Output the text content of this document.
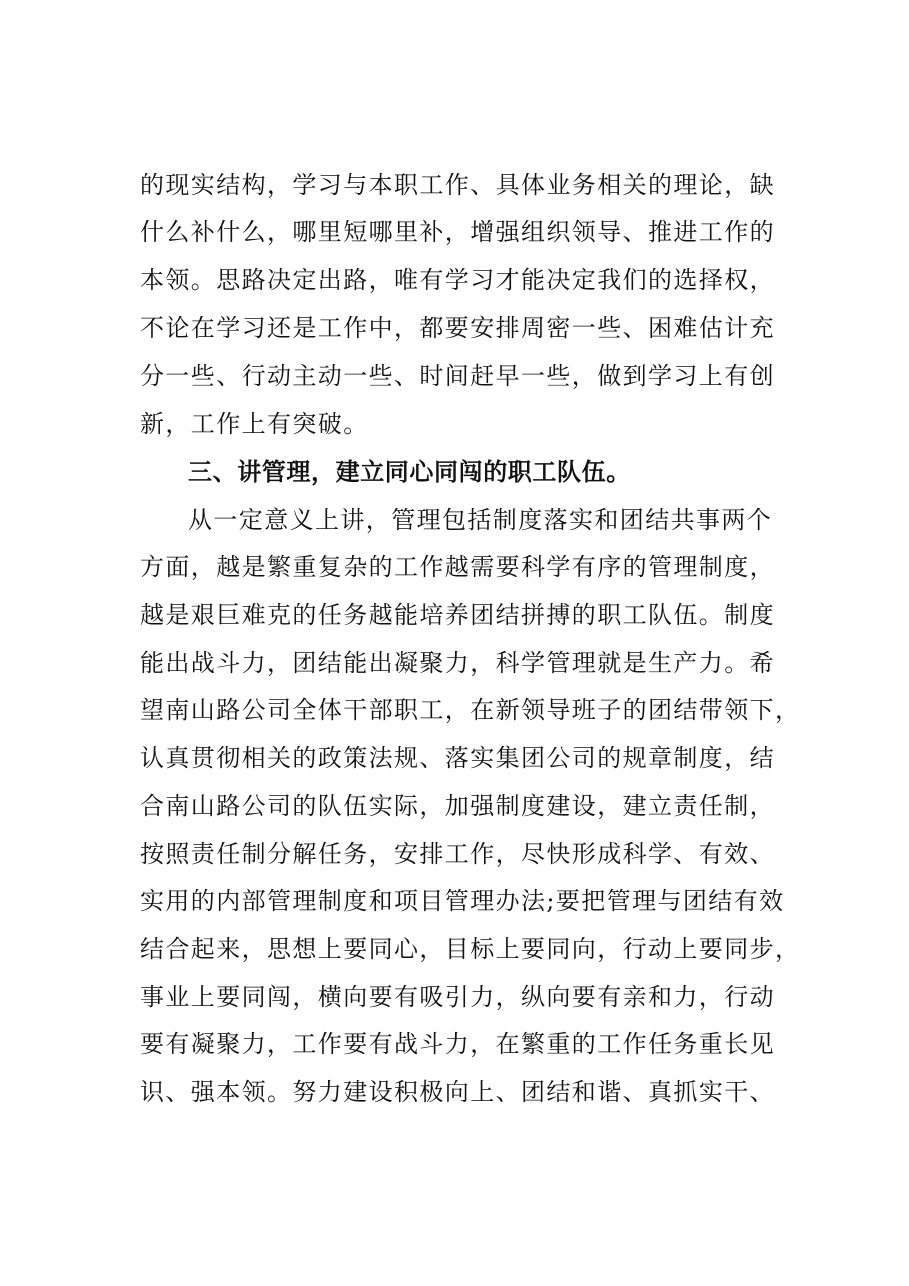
的现实结构，学习与本职工作、具体业务相关的理论，缺
什么补什么，哪里短哪里补，增强组织领导、推进工作的
本领。思路决定出路，唯有学习才能决定我们的选择权，
不论在学习还是工作中，都要安排周密一些、困难估计充
分一些、行动主动一些、时间赶早一些，做到学习上有创
新，工作上有突破。
三、讲管理，建立同心同闯的职工队伍。
从一定意义上讲，管理包括制度落实和团结共事两个
方面，越是繁重复杂的工作越需要科学有序的管理制度，
越是艰巨难克的任务越能培养团结拼搏的职工队伍。制度
能出战斗力，团结能出凝聚力，科学管理就是生产力。希
望南山路公司全体干部职工，在新领导班子的团结带领下，
认真贯彻相关的政策法规、落实集团公司的规章制度，结
合南山路公司的队伍实际，加强制度建设，建立责任制，
按照责任制分解任务，安排工作，尽快形成科学、有效、
实用的内部管理制度和项目管理办法;要把管理与团结有效
结合起来，思想上要同心，目标上要同向，行动上要同步，
事业上要同闯，横向要有吸引力，纵向要有亲和力，行动
要有凝聚力，工作要有战斗力，在繁重的工作任务重长见
识、强本领。努力建设积极向上、团结和谐、真抓实干、
